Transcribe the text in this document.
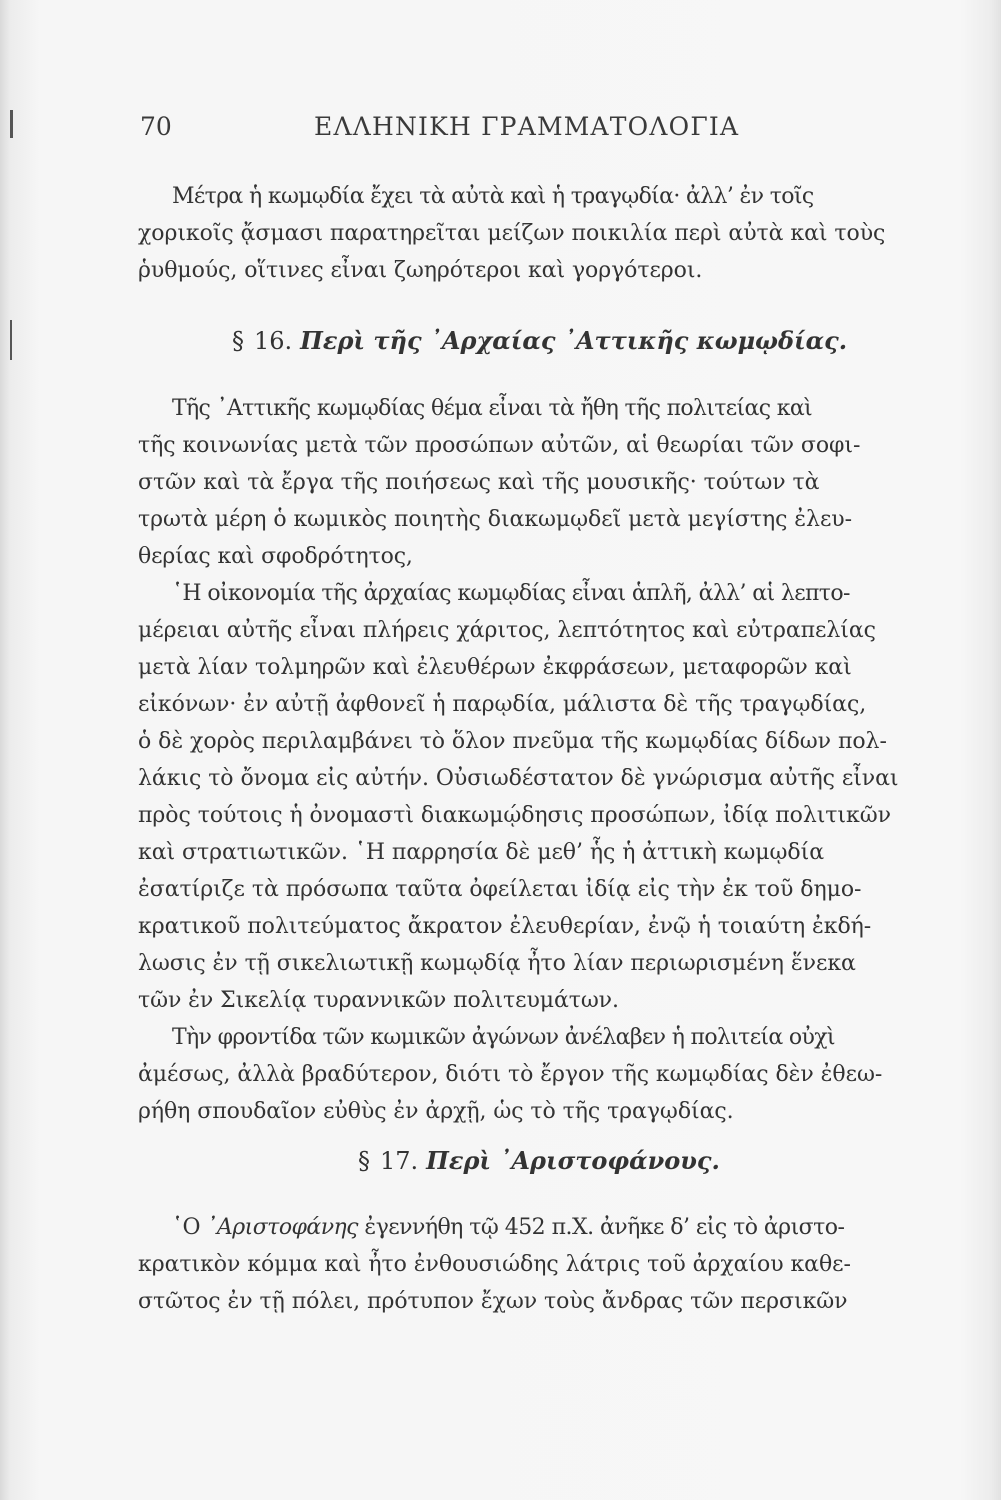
70	ΕΛΛΗΝΙΚΗ ΓΡΑΜΜΑΤΟΛΟΓΙΑ
Μέτρα ἡ κωμῳδία ἔχει τὰ αὐτὰ καὶ ἡ τραγῳδία· ἀλλ’ ἐν τοῖς
χορικοῖς ᾄσμασι παρατηρεῖται μείζων ποικιλία περὶ αὐτὰ καὶ τοὺς
ῥυθμούς, οἵτινες εἶναι ζωηρότεροι καὶ γοργότεροι.
§ 16. Περὶ τῆς ᾿Αρχαίας ᾿Αττικῆς κωμῳδίας.
Τῆς ᾿Αττικῆς κωμῳδίας θέμα εἶναι τὰ ἤθη τῆς πολιτείας καὶ
τῆς κοινωνίας μετὰ τῶν προσώπων αὐτῶν, αἱ θεωρίαι τῶν σοφι-
στῶν καὶ τὰ ἔργα τῆς ποιήσεως καὶ τῆς μουσικῆς· τούτων τὰ
τρωτὰ μέρη ὁ κωμικὸς ποιητὴς διακωμῳδεῖ μετὰ μεγίστης ἐλευ-
θερίας καὶ σφοδρότητος,
῾Η οἰκονομία τῆς ἀρχαίας κωμῳδίας εἶναι ἁπλῆ, ἀλλ’ αἱ λεπτο-
μέρειαι αὐτῆς εἶναι πλήρεις χάριτος, λεπτότητος καὶ εὐτραπελίας
μετὰ λίαν τολμηρῶν καὶ ἐλευθέρων ἐκφράσεων, μεταφορῶν καὶ
εἰκόνων· ἐν αὐτῇ ἀφθονεῖ ἡ παρῳδία, μάλιστα δὲ τῆς τραγῳδίας,
ὁ δὲ χορὸς περιλαμβάνει τὸ ὅλον πνεῦμα τῆς κωμῳδίας δίδων πολ-
λάκις τὸ ὄνομα εἰς αὐτήν. Οὐσιωδέστατον δὲ γνώρισμα αὐτῆς εἶναι
πρὸς τούτοις ἡ ὀνομαστὶ διακωμῴδησις προσώπων, ἰδίᾳ πολιτικῶν
καὶ στρατιωτικῶν. ῾Η παρρησία δὲ μεθ’ ἧς ἡ ἀττικὴ κωμῳδία
ἐσατίριζε τὰ πρόσωπα ταῦτα ὀφείλεται ἰδίᾳ εἰς τὴν ἐκ τοῦ δημο-
κρατικοῦ πολιτεύματος ἄκρατον ἐλευθερίαν, ἐνῷ ἡ τοιαύτη ἐκδή-
λωσις ἐν τῇ σικελιωτικῇ κωμῳδίᾳ ἦτο λίαν περιωρισμένη ἕνεκα
τῶν ἐν Σικελίᾳ τυραννικῶν πολιτευμάτων.
Τὴν φροντίδα τῶν κωμικῶν ἀγώνων ἀνέλαβεν ἡ πολιτεία οὐχὶ
ἀμέσως, ἀλλὰ βραδύτερον, διότι τὸ ἔργον τῆς κωμῳδίας δὲν ἐθεω-
ρήθη σπουδαῖον εὐθὺς ἐν ἀρχῇ, ὡς τὸ τῆς τραγῳδίας.
§ 17. Περὶ ᾿Αριστοφάνους.
῾Ο ᾿Αριστοφάνης ἐγεννήθη τῷ 452 π.Χ. ἀνῆκε δ’ εἰς τὸ ἀριστο-
κρατικὸν κόμμα καὶ ἦτο ἐνθουσιώδης λάτρις τοῦ ἀρχαίου καθε-
στῶτος ἐν τῇ πόλει, πρότυπον ἔχων τοὺς ἄνδρας τῶν περσικῶν
